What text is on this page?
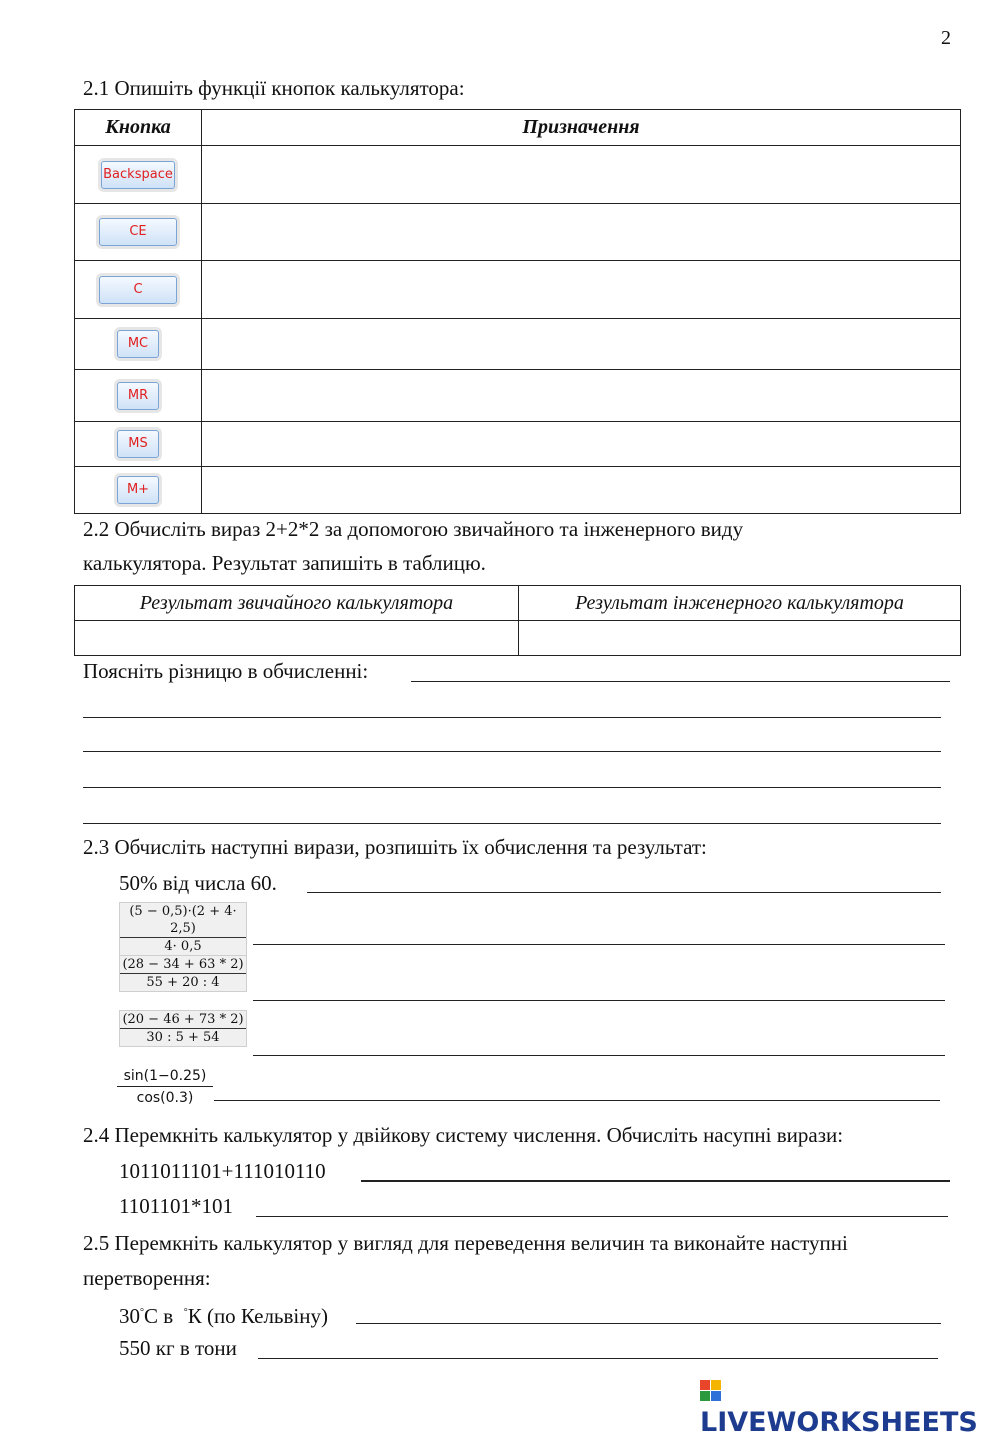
2
2.1 Опишіть функції кнопок калькулятора:
Кнопка	Призначення
Backspace	
CE	
C	
MC	
MR	
MS	
M+	
2.2 Обчисліть вираз 2+2*2 за допомогою звичайного та інженерного виду
калькулятора. Результат запишіть в таблицю.
Результат звичайного калькулятора	Результат інженерного калькулятора

Поясніть різницю в обчисленні:
2.3 Обчисліть наступні вирази, розпишіть їх обчислення та результат:
50% від числа 60.
$\frac{(5 - 0,5)\cdot(2 + 4\cdot 2,5)}{4\cdot 0,5}$
$\frac{(28 - 34 + 63 * 2)}{55 + 20 : 4}$
$\frac{(20 - 46 + 73 * 2)}{30 : 5 + 54}$
$\frac{\sin(1-0.25)}{\cos(0.3)}$
2.4 Перемкніть калькулятор у двійкову систему числення. Обчисліть насупні вирази:
1011011101+111010110
1101101*101
2.5 Перемкніть калькулятор у вигляд для переведення величин та виконайте наступні
перетворення:
30°С в °К (по Кельвіну)
550 кг в тони
LIVEWORKSHEETS
